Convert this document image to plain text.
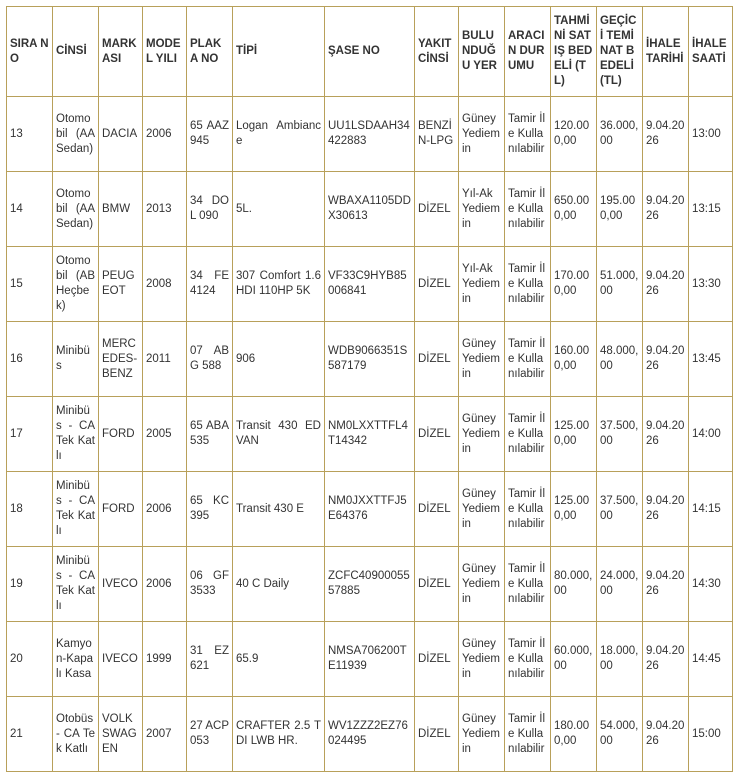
SIRA NO	CİNSİ	MARKASI	MODEL YILI	PLAKA NO	TİPİ	ŞASE NO	YAKIT CİNSİ	BULUNDUĞU YER	ARACIN DURUMU	TAHMİNİ SATIŞ BEDELİ (TL)	GEÇİCİ TEMİNAT BEDELİ (TL)	İHALE TARİHİ	İHALE SAATİ
13	Otomobil (AA Sedan)	DACIA	2006	65 AAZ 945	Logan Ambiance	UU1LSDAAH34422883	BENZİN-LPG	Güney Yediemin	Tamir İle Kullanılabilir	120.000,00	36.000,00	9.04.2026	13:00
14	Otomobil (AA Sedan)	BMW	2013	34 DOL 090	5L.	WBAXA1105DDX30613	DİZEL	Yıl-Ak Yediemin	Tamir İle Kullanılabilir	650.000,00	195.000,00	9.04.2026	13:15
15	Otomobil (AB Heçbek)	PEUGEOT	2008	34 FE 4124	307 Comfort 1.6 HDI 110HP 5K	VF33C9HYB85006841	DİZEL	Yıl-Ak Yediemin	Tamir İle Kullanılabilir	170.000,00	51.000,00	9.04.2026	13:30
16	Minibüs	MERCEDES-BENZ	2011	07 ABG 588	906	WDB9066351S587179	DİZEL	Güney Yediemin	Tamir İle Kullanılabilir	160.000,00	48.000,00	9.04.2026	13:45
17	Minibüs - CA Tek Katlı	FORD	2005	65 ABA 535	Transit 430 ED VAN	NM0LXXTTFL4T14342	DİZEL	Güney Yediemin	Tamir İle Kullanılabilir	125.000,00	37.500,00	9.04.2026	14:00
18	Minibüs - CA Tek Katlı	FORD	2006	65 KC 395	Transit 430 E	NM0JXXTTFJ5E64376	DİZEL	Güney Yediemin	Tamir İle Kullanılabilir	125.000,00	37.500,00	9.04.2026	14:15
19	Minibüs - CA Tek Katlı	IVECO	2006	06 GF 3533	40 C Daily	ZCFC4090005557885	DİZEL	Güney Yediemin	Tamir İle Kullanılabilir	80.000,00	24.000,00	9.04.2026	14:30
20	Kamyon-Kapalı Kasa	IVECO	1999	31 EZ 621	65.9	NMSA706200TE11939	DİZEL	Güney Yediemin	Tamir İle Kullanılabilir	60.000,00	18.000,00	9.04.2026	14:45
21	Otobüs - CA Tek Katlı	VOLKSWAGEN	2007	27 ACP 053	CRAFTER 2.5 TDI LWB HR.	WV1ZZZ2EZ76024495	DİZEL	Güney Yediemin	Tamir İle Kullanılabilir	180.000,00	54.000,00	9.04.2026	15:00
